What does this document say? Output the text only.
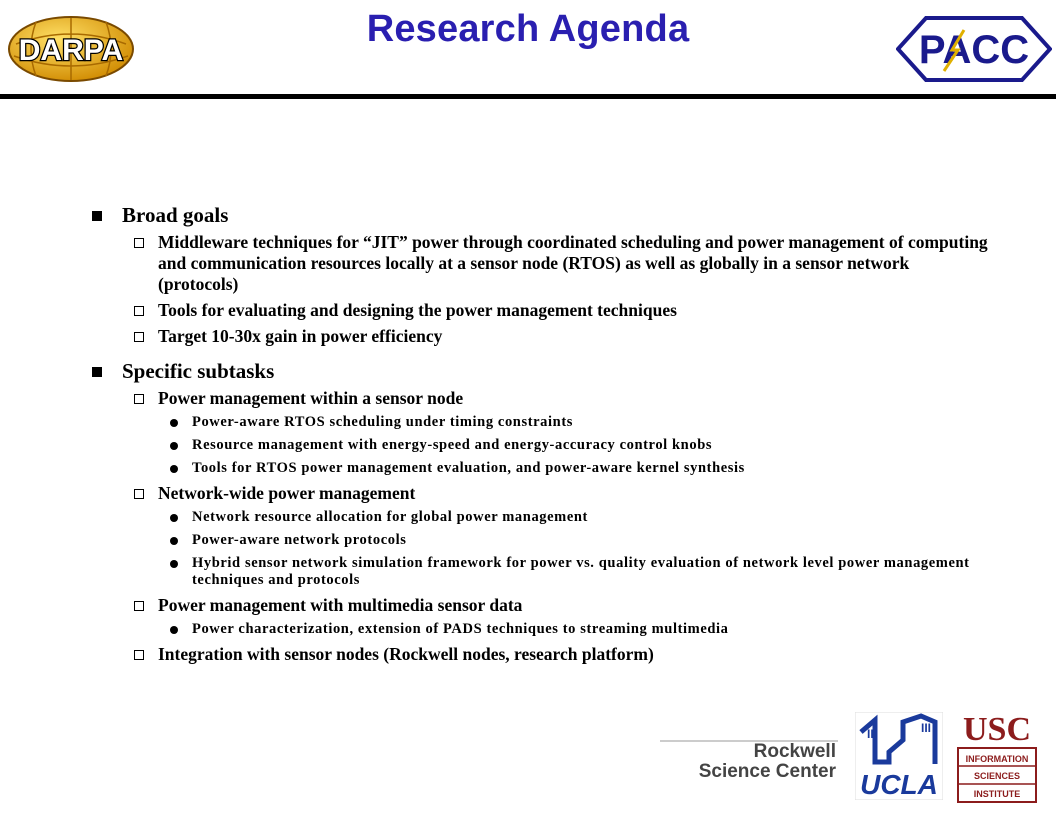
DARPA
Research Agenda	PACC
Broad goals
Middleware techniques for “JIT” power through coordinated scheduling and power management of computing and communication resources locally at a sensor node (RTOS) as well as globally in a sensor network (protocols)
Tools for evaluating and designing the power management techniques
Target 10-30x gain in power efficiency
Specific subtasks
Power management within a sensor node
Power-aware RTOS scheduling under timing constraints
Resource management with energy-speed and energy-accuracy control knobs
Tools for RTOS power management evaluation, and power-aware kernel synthesis
Network-wide power management
Network resource allocation for global power management
Power-aware network protocols
Hybrid sensor network simulation framework for power vs. quality evaluation of network level power management techniques and protocols
Power management with multimedia sensor data
Power characterization, extension of PADS techniques to streaming multimedia
Integration with sensor nodes (Rockwell nodes, research platform)
Rockwell
Science Center
III	III
UCLA
USC
INFORMATION
SCIENCES
INSTITUTE
